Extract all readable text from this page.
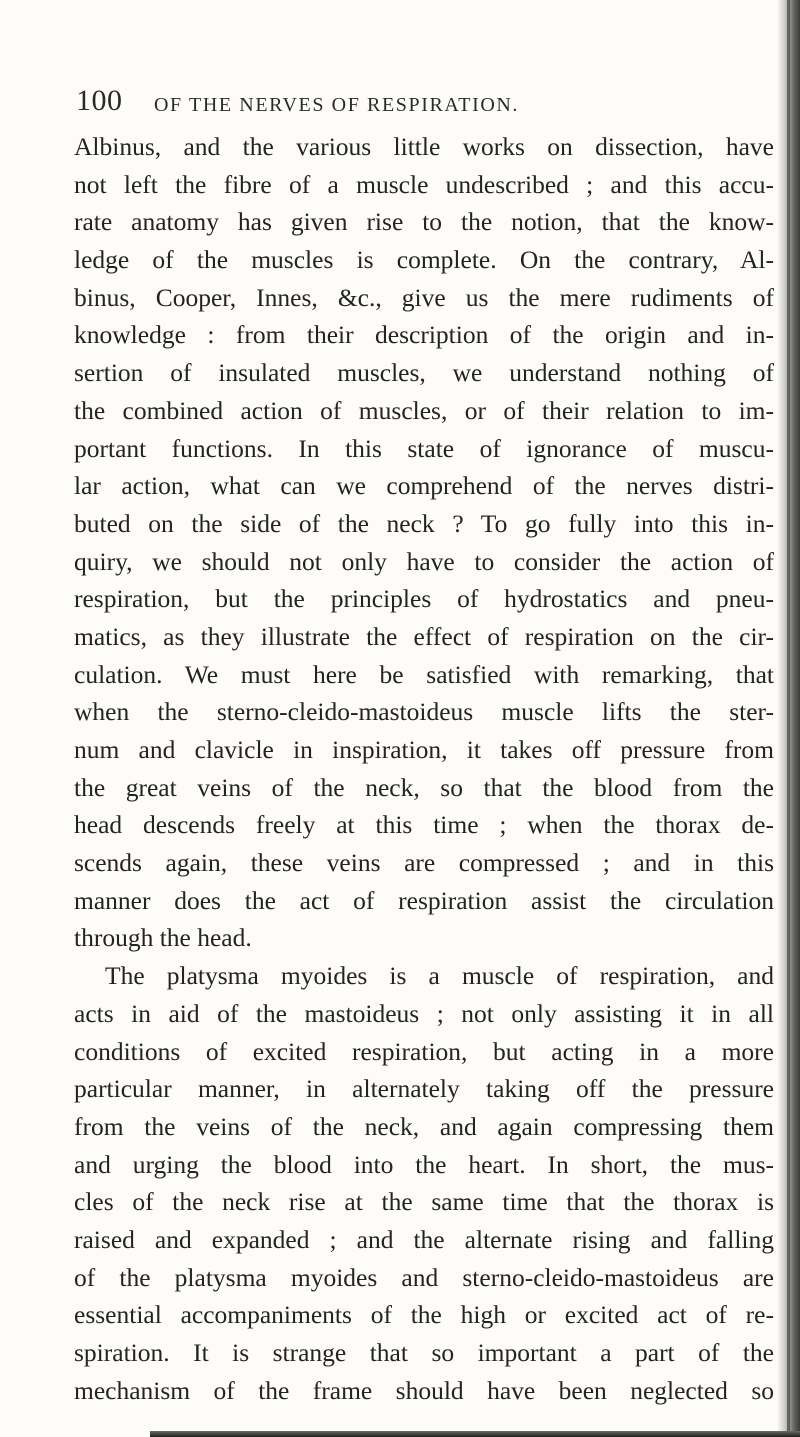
100 OF THE NERVES OF RESPIRATION.
Albinus, and the various little works on dissection, have
not left the fibre of a muscle undescribed ; and this accu-
rate anatomy has given rise to the notion, that the know-
ledge of the muscles is complete. On the contrary, Al-
binus, Cooper, Innes, &c., give us the mere rudiments of
knowledge : from their description of the origin and in-
sertion of insulated muscles, we understand nothing of
the combined action of muscles, or of their relation to im-
portant functions. In this state of ignorance of muscu-
lar action, what can we comprehend of the nerves distri-
buted on the side of the neck ? To go fully into this in-
quiry, we should not only have to consider the action of
respiration, but the principles of hydrostatics and pneu-
matics, as they illustrate the effect of respiration on the cir-
culation. We must here be satisfied with remarking, that
when the sterno-cleido-mastoideus muscle lifts the ster-
num and clavicle in inspiration, it takes off pressure from
the great veins of the neck, so that the blood from the
head descends freely at this time ; when the thorax de-
scends again, these veins are compressed ; and in this
manner does the act of respiration assist the circulation
through the head.
The platysma myoides is a muscle of respiration, and
acts in aid of the mastoideus ; not only assisting it in all
conditions of excited respiration, but acting in a more
particular manner, in alternately taking off the pressure
from the veins of the neck, and again compressing them
and urging the blood into the heart. In short, the mus-
cles of the neck rise at the same time that the thorax is
raised and expanded ; and the alternate rising and falling
of the platysma myoides and sterno-cleido-mastoideus are
essential accompaniments of the high or excited act of re-
spiration. It is strange that so important a part of the
mechanism of the frame should have been neglected so
